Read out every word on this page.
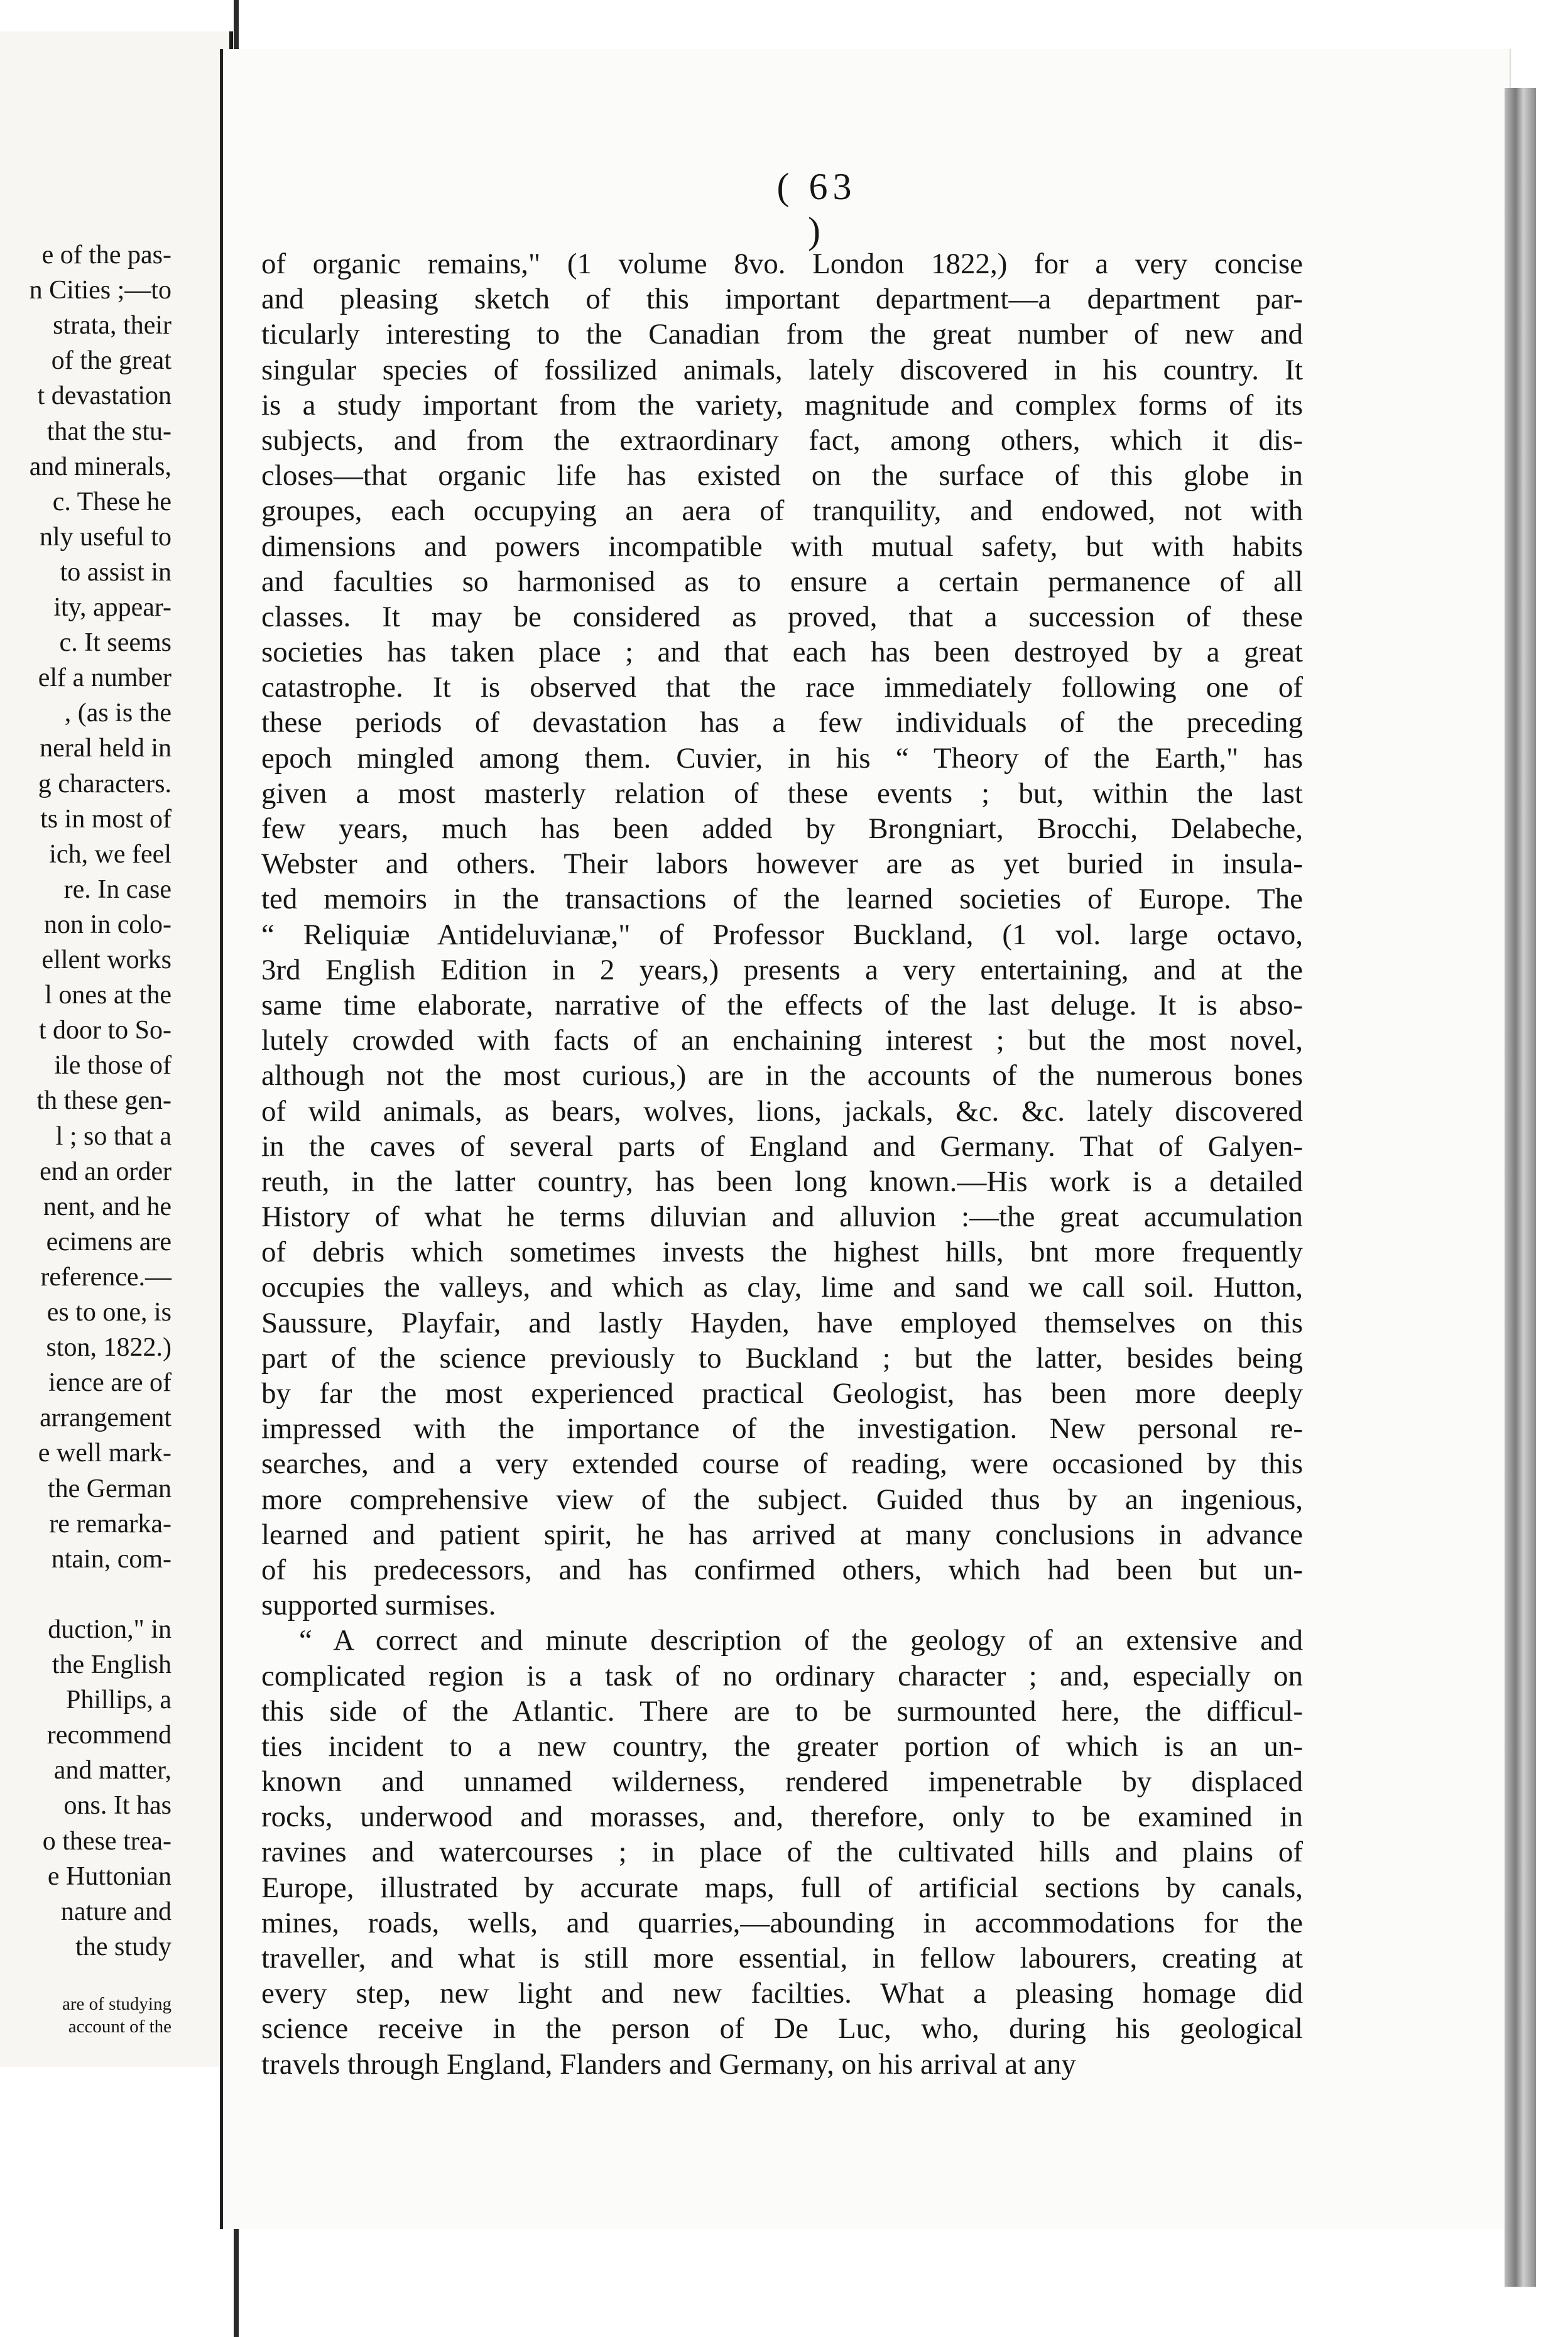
e of the pas-
n Cities ;—to
strata, their
of the great
t devastation
that the stu-
and minerals,
c. These he
nly useful to
to assist in
ity, appear-
c. It seems
elf a number
, (as is the
neral held in
g characters.
ts in most of
ich, we feel
re. In case
non in colo-
ellent works
l ones at the
t door to So-
ile those of
th these gen-
l ; so that a
end an order
nent, and he
ecimens are
reference.—
es to one, is
ston, 1822.)
ience are of
arrangement
e well mark-
the German
re remarka-
ntain, com-
duction," in
the English
Phillips, a
recommend
and matter,
ons. It has
o these trea-
e Huttonian
nature and
the study
are of studying
account of the
( 63 )
of organic remains," (1 volume 8vo. London 1822,) for a very concise
and pleasing sketch of this important department—a department par-
ticularly interesting to the Canadian from the great number of new and
singular species of fossilized animals, lately discovered in his country. It
is a study important from the variety, magnitude and complex forms of its
subjects, and from the extraordinary fact, among others, which it dis-
closes—that organic life has existed on the surface of this globe in
groupes, each occupying an aera of tranquility, and endowed, not with
dimensions and powers incompatible with mutual safety, but with habits
and faculties so harmonised as to ensure a certain permanence of all
classes. It may be considered as proved, that a succession of these
societies has taken place ; and that each has been destroyed by a great
catastrophe. It is observed that the race immediately following one of
these periods of devastation has a few individuals of the preceding
epoch mingled among them. Cuvier, in his “ Theory of the Earth," has
given a most masterly relation of these events ; but, within the last
few years, much has been added by Brongniart, Brocchi, Delabeche,
Webster and others. Their labors however are as yet buried in insula-
ted memoirs in the transactions of the learned societies of Europe. The
“ Reliquiæ Antideluvianæ," of Professor Buckland, (1 vol. large octavo,
3rd English Edition in 2 years,) presents a very entertaining, and at the
same time elaborate, narrative of the effects of the last deluge. It is abso-
lutely crowded with facts of an enchaining interest ; but the most novel,
although not the most curious,) are in the accounts of the numerous bones
of wild animals, as bears, wolves, lions, jackals, &c. &c. lately discovered
in the caves of several parts of England and Germany. That of Galyen-
reuth, in the latter country, has been long known.—His work is a detailed
History of what he terms diluvian and alluvion :—the great accumulation
of debris which sometimes invests the highest hills, bnt more frequently
occupies the valleys, and which as clay, lime and sand we call soil. Hutton,
Saussure, Playfair, and lastly Hayden, have employed themselves on this
part of the science previously to Buckland ; but the latter, besides being
by far the most experienced practical Geologist, has been more deeply
impressed with the importance of the investigation. New personal re-
searches, and a very extended course of reading, were occasioned by this
more comprehensive view of the subject. Guided thus by an ingenious,
learned and patient spirit, he has arrived at many conclusions in advance
of his predecessors, and has confirmed others, which had been but un-
supported surmises.
“ A correct and minute description of the geology of an extensive and
complicated region is a task of no ordinary character ; and, especially on
this side of the Atlantic. There are to be surmounted here, the difficul-
ties incident to a new country, the greater portion of which is an un-
known and unnamed wilderness, rendered impenetrable by displaced
rocks, underwood and morasses, and, therefore, only to be examined in
ravines and watercourses ; in place of the cultivated hills and plains of
Europe, illustrated by accurate maps, full of artificial sections by canals,
mines, roads, wells, and quarries,—abounding in accommodations for the
traveller, and what is still more essential, in fellow labourers, creating at
every step, new light and new facilties. What a pleasing homage did
science receive in the person of De Luc, who, during his geological
travels through England, Flanders and Germany, on his arrival at any
